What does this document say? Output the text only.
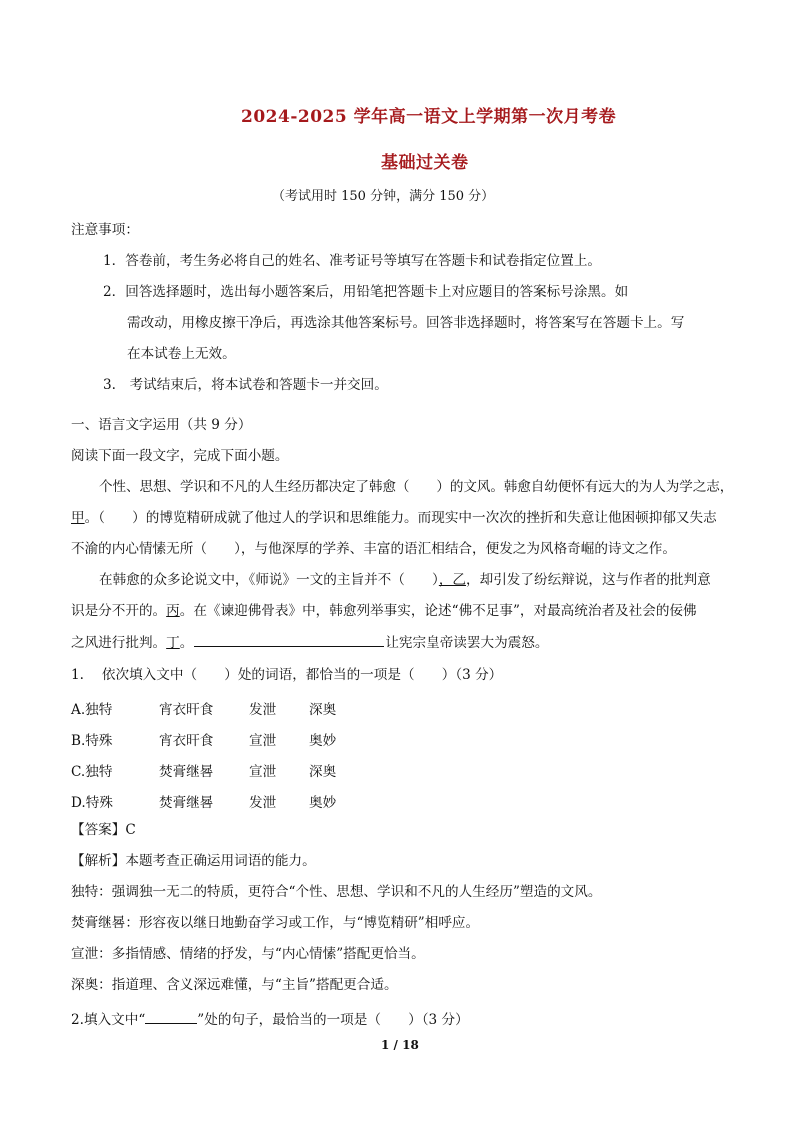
2024-2025 学年高一语文上学期第一次月考卷
基础过关卷
（考试用时 150 分钟，满分 150 分）
注意事项：
1．答卷前，考生务必将自己的姓名、准考证号等填写在答题卡和试卷指定位置上。
2．回答选择题时，选出每小题答案后，用铅笔把答题卡上对应题目的答案标号涂黑。如
需改动，用橡皮擦干净后，再选涂其他答案标号。回答非选择题时，将答案写在答题卡上。写
在本试卷上无效。
3.　考试结束后，将本试卷和答题卡一并交回。
一、语言文字运用（共 9 分）
阅读下面一段文字，完成下面小题。
个性、思想、学识和不凡的人生经历都决定了韩愈（　　）的文风。韩愈自幼便怀有远大的为人为学之志，
甲。（　　）的博览精研成就了他过人的学识和思维能力。而现实中一次次的挫折和失意让他困顿抑郁又失志
不渝的内心情愫无所（　　），与他深厚的学养、丰富的语汇相结合，便发之为风格奇崛的诗文之作。
在韩愈的众多论说文中，《师说》一文的主旨并不（　　），乙，却引发了纷纭辩说，这与作者的批判意
识是分不开的。丙。在《谏迎佛骨表》中，韩愈列举事实，论述“佛不足事”，对最高统治者及社会的佞佛
之风进行批判。丁。	让宪宗皇帝读罢大为震怒。
1.　 依次填入文中（　　）处的词语，都恰当的一项是（　　）（3 分）
A.独特	宵衣旰食	发泄 深奥
B.特殊	宵衣旰食	宣泄 奥妙
C.独特	焚膏继晷	宣泄 深奥
D.特殊	焚膏继晷	发泄 奥妙
【答案】C
【解析】本题考查正确运用词语的能力。
独特：强调独一无二的特质，更符合“个性、思想、学识和不凡的人生经历”塑造的文风。
焚膏继晷：形容夜以继日地勤奋学习或工作，与“博览精研”相呼应。
宣泄：多指情感、情绪的抒发，与“内心情愫”搭配更恰当。
深奥：指道理、含义深远难懂，与“主旨”搭配更合适。
2.填入文中“	”处的句子，最恰当的一项是（　　）（3 分）
1 / 18
